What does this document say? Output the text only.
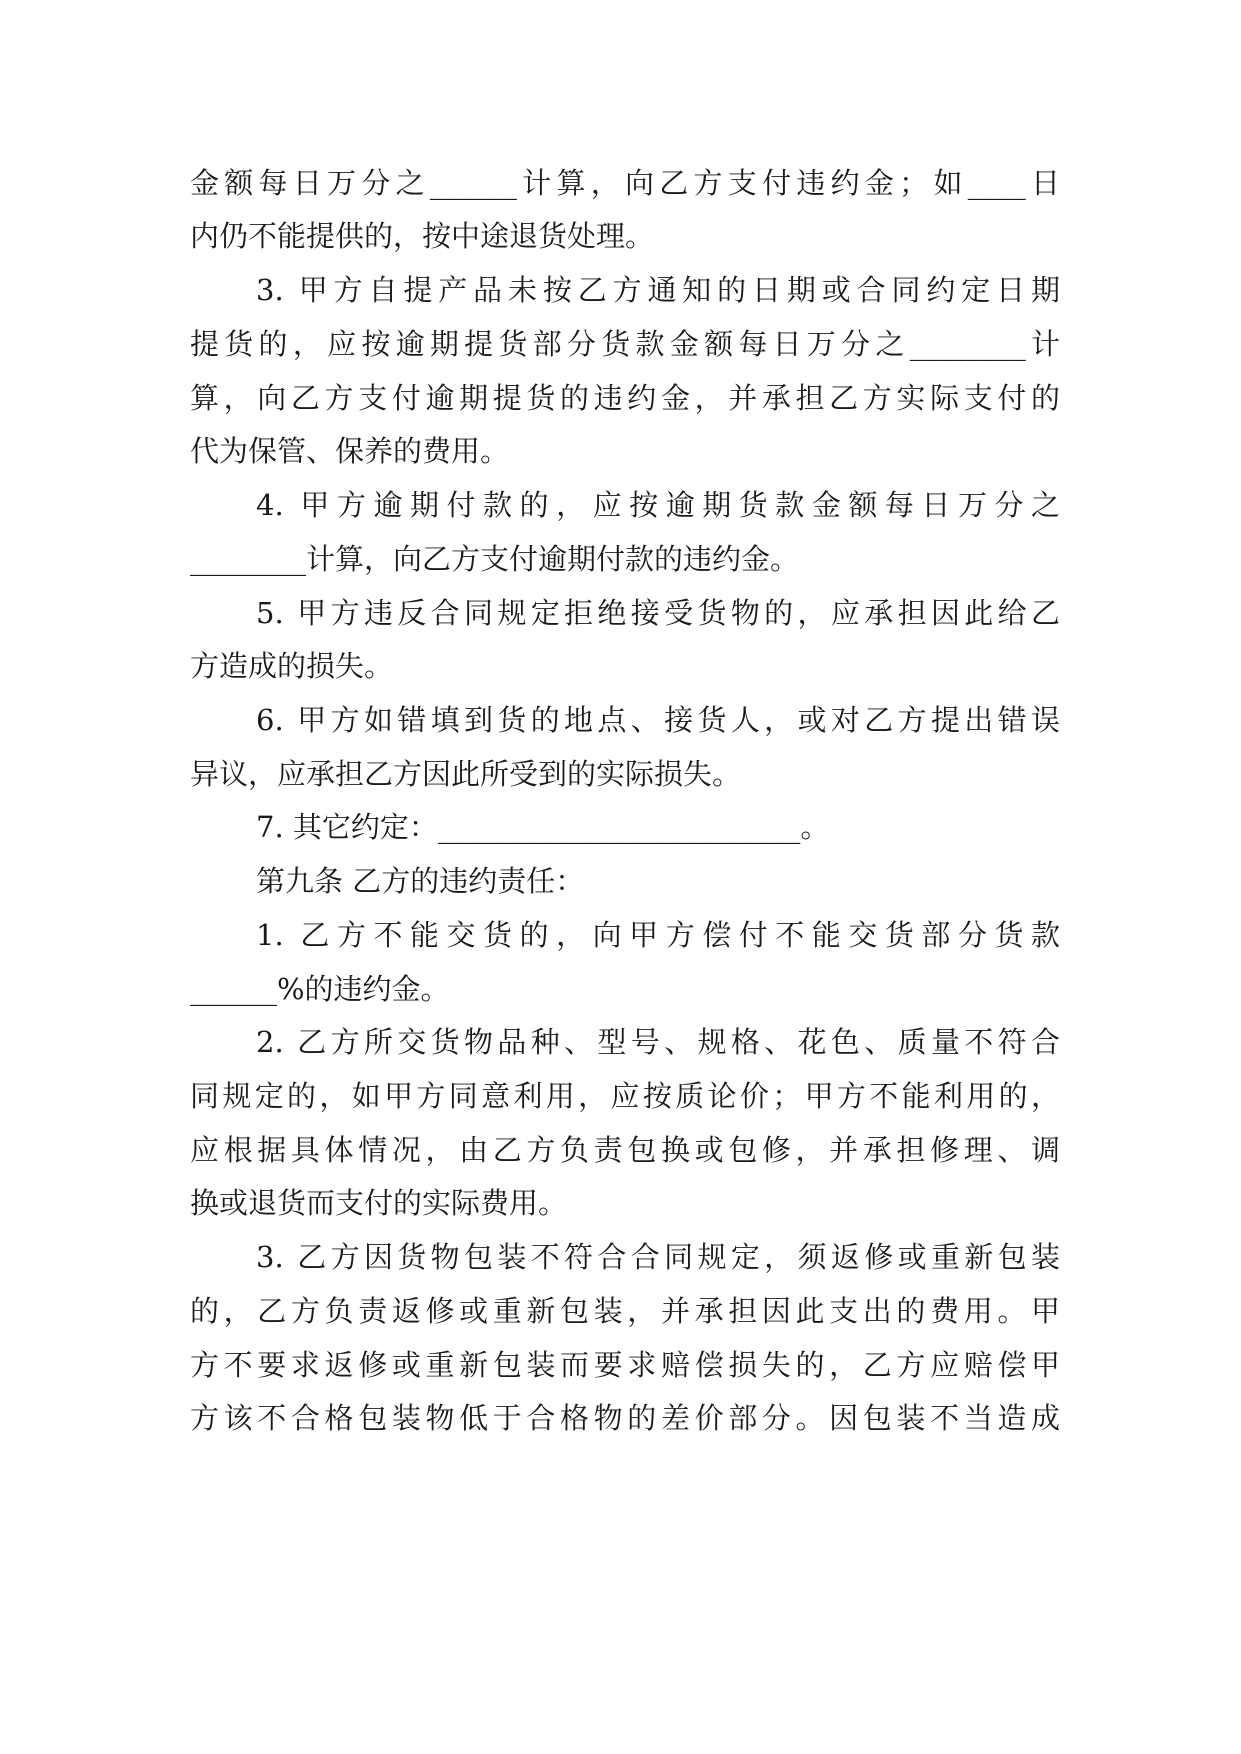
金额每日万分之______计算，向乙方支付违约金；如____日
内仍不能提供的，按中途退货处理。
3. 甲方自提产品未按乙方通知的日期或合同约定日期
提货的，应按逾期提货部分货款金额每日万分之________计
算，向乙方支付逾期提货的违约金，并承担乙方实际支付的
代为保管、保养的费用。
4. 甲方逾期付款的，应按逾期货款金额每日万分之
________计算，向乙方支付逾期付款的违约金。
5. 甲方违反合同规定拒绝接受货物的，应承担因此给乙
方造成的损失。
6. 甲方如错填到货的地点、接货人，或对乙方提出错误
异议，应承担乙方因此所受到的实际损失。
7. 其它约定：_________________________。
第九条 乙方的违约责任：
1. 乙方不能交货的，向甲方偿付不能交货部分货款
______%的违约金。
2. 乙方所交货物品种、型号、规格、花色、质量不符合
同规定的，如甲方同意利用，应按质论价；甲方不能利用的，
应根据具体情况，由乙方负责包换或包修，并承担修理、调
换或退货而支付的实际费用。
3. 乙方因货物包装不符合合同规定，须返修或重新包装
的，乙方负责返修或重新包装，并承担因此支出的费用。甲
方不要求返修或重新包装而要求赔偿损失的，乙方应赔偿甲
方该不合格包装物低于合格物的差价部分。因包装不当造成
